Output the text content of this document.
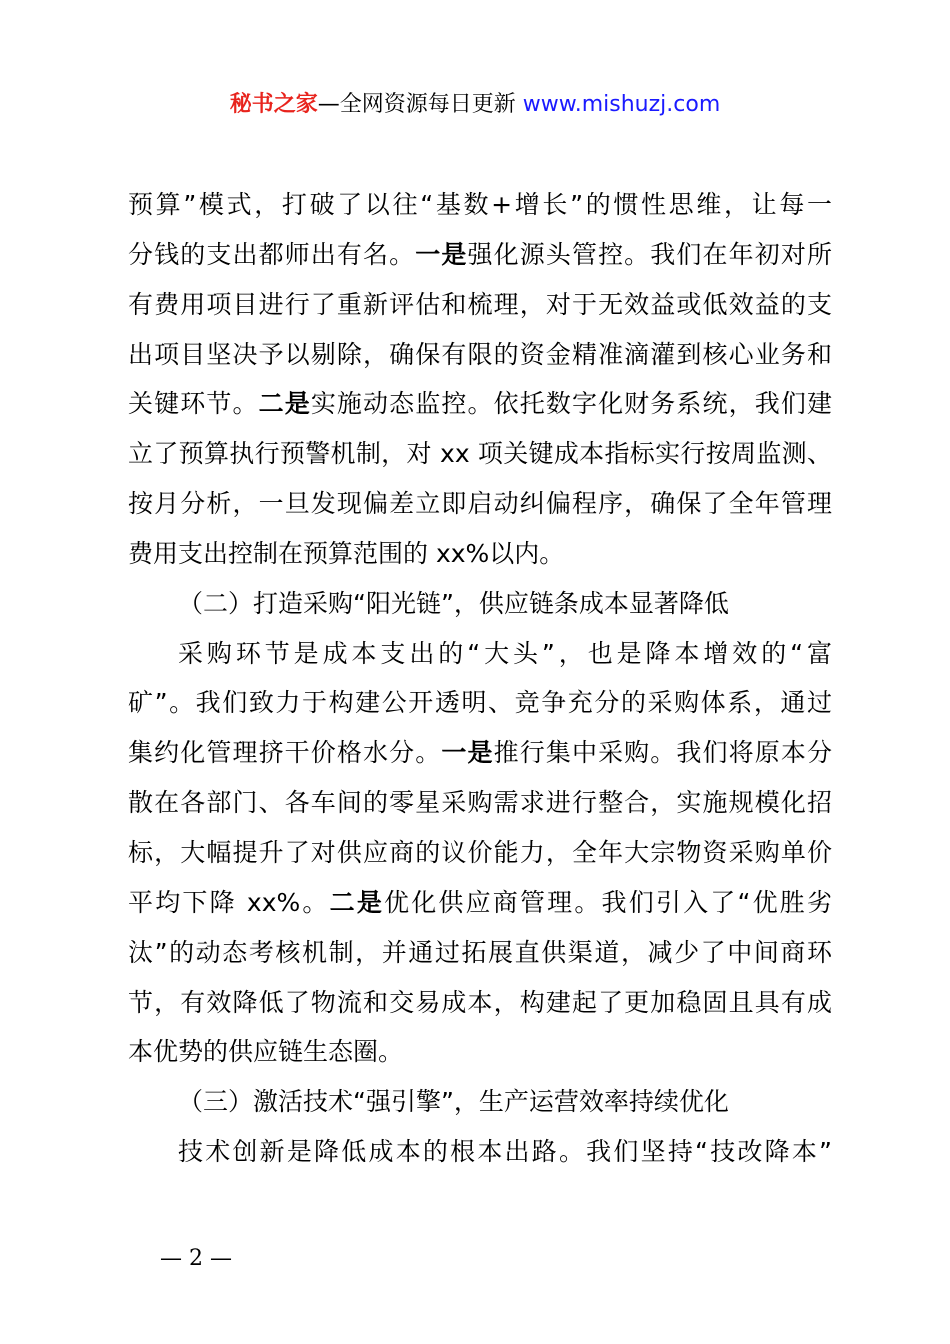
秘书之家—全网资源每日更新 www.mishuzj.com
预算”模式，打破了以往“基数+增长”的惯性思维，让每一
分钱的支出都师出有名。一是强化源头管控。我们在年初对所
有费用项目进行了重新评估和梳理，对于无效益或低效益的支
出项目坚决予以剔除，确保有限的资金精准滴灌到核心业务和
关键环节。二是实施动态监控。依托数字化财务系统，我们建
立了预算执行预警机制，对 xx 项关键成本指标实行按周监测、
按月分析，一旦发现偏差立即启动纠偏程序，确保了全年管理
费用支出控制在预算范围的 xx%以内。
（二）打造采购“阳光链”，供应链条成本显著降低
采购环节是成本支出的“大头”，也是降本增效的“富
矿”。我们致力于构建公开透明、竞争充分的采购体系，通过
集约化管理挤干价格水分。一是推行集中采购。我们将原本分
散在各部门、各车间的零星采购需求进行整合，实施规模化招
标，大幅提升了对供应商的议价能力，全年大宗物资采购单价
平均下降 xx%。二是优化供应商管理。我们引入了“优胜劣
汰”的动态考核机制，并通过拓展直供渠道，减少了中间商环
节，有效降低了物流和交易成本，构建起了更加稳固且具有成
本优势的供应链生态圈。
（三）激活技术“强引擎”，生产运营效率持续优化
技术创新是降低成本的根本出路。我们坚持“技改降本”
— 2 —
